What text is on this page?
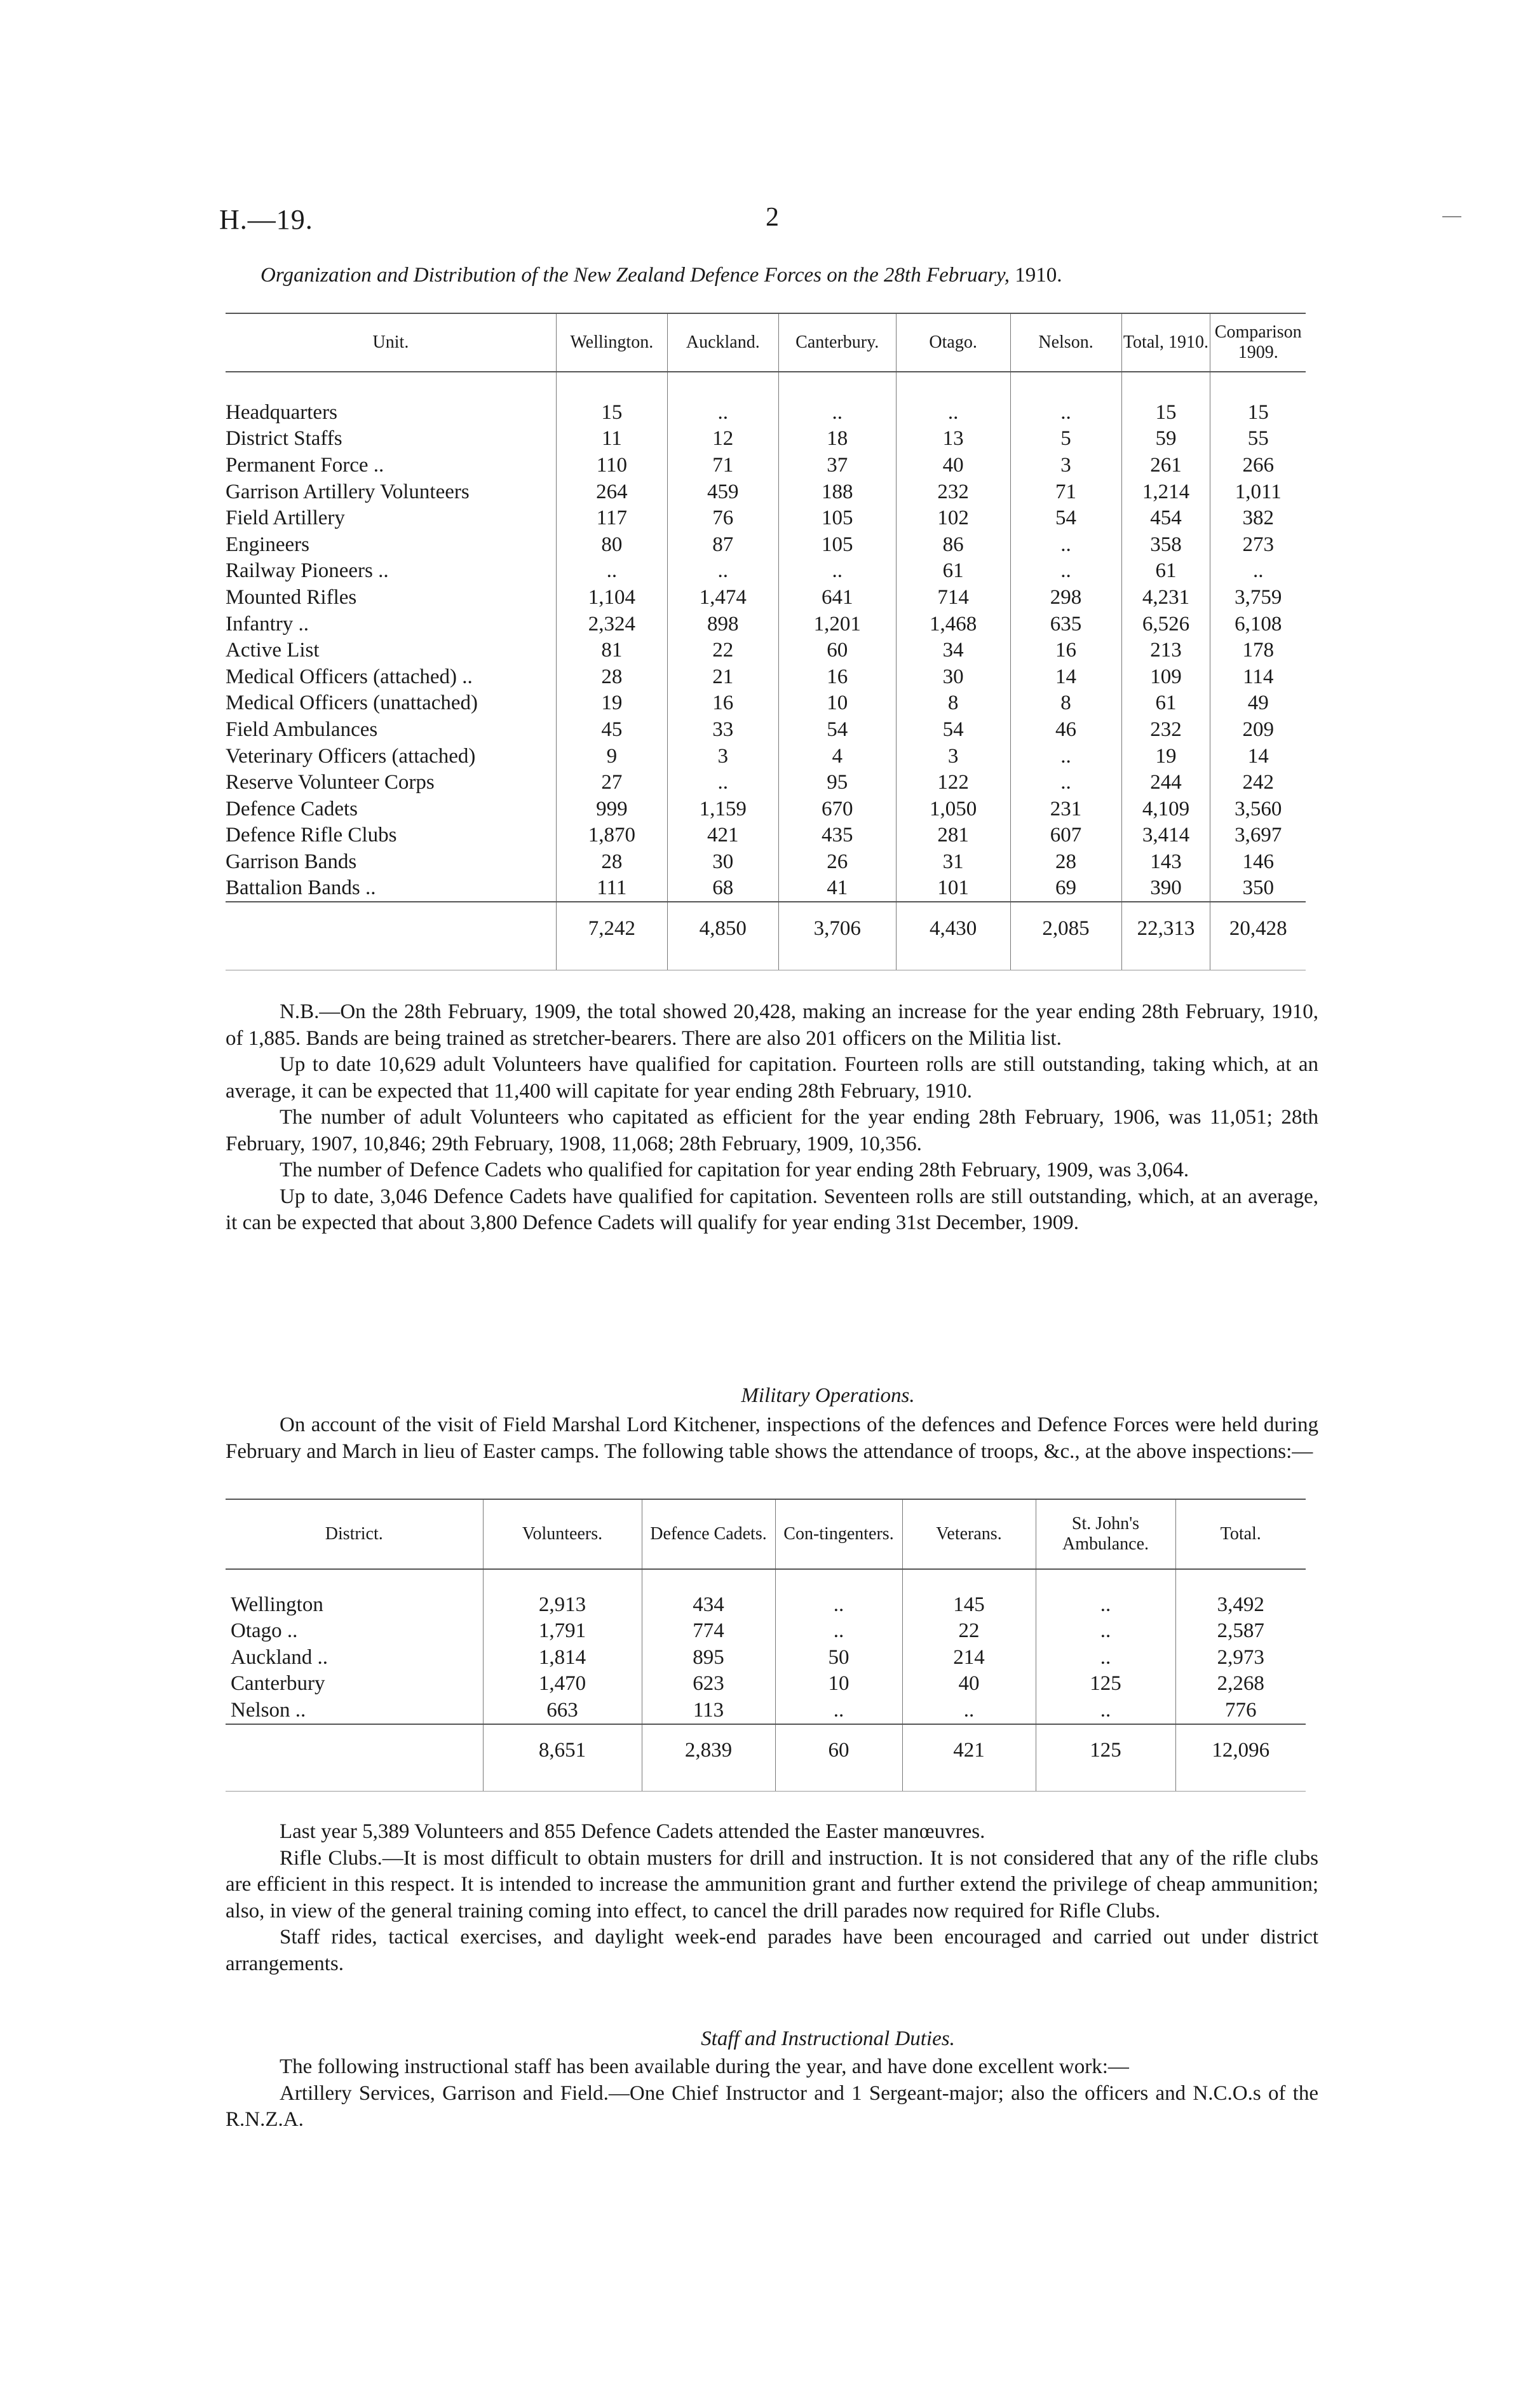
H.—19.	2
Organization and Distribution of the New Zealand Defence Forces on the 28th February, 1910.
Unit.	Wellington.	Auckland.	Canterbury.	Otago.	Nelson.	Total, 1910.	Comparison 1909.

Headquarters	15	..	..	..	..	15	15
District Staffs	11	12	18	13	5	59	55
Permanent Force ..	110	71	37	40	3	261	266
Garrison Artillery Volunteers	264	459	188	232	71	1,214	1,011
Field Artillery	117	76	105	102	54	454	382
Engineers	80	87	105	86	..	358	273
Railway Pioneers ..	..	..	..	61	..	61	..
Mounted Rifles	1,104	1,474	641	714	298	4,231	3,759
Infantry ..	2,324	898	1,201	1,468	635	6,526	6,108
Active List	81	22	60	34	16	213	178
Medical Officers (attached) ..	28	21	16	30	14	109	114
Medical Officers (unattached)	19	16	10	8	8	61	49
Field Ambulances	45	33	54	54	46	232	209
Veterinary Officers (attached)	9	3	4	3	..	19	14
Reserve Volunteer Corps	27	..	95	122	..	244	242
Defence Cadets	999	1,159	670	1,050	231	4,109	3,560
Defence Rifle Clubs	1,870	421	435	281	607	3,414	3,697
Garrison Bands	28	30	26	31	28	143	146
Battalion Bands ..	111	68	41	101	69	390	350
	7,242	4,850	3,706	4,430	2,085	22,313	20,428

N.B.—On the 28th February, 1909, the total showed 20,428, making an increase for the year ending 28th February, 1910, of 1,885. Bands are being trained as stretcher-bearers. There are also 201 officers on the Militia list.

Up to date 10,629 adult Volunteers have qualified for capitation. Fourteen rolls are still outstanding, taking which, at an average, it can be expected that 11,400 will capitate for year ending 28th February, 1910.

The number of adult Volunteers who capitated as efficient for the year ending 28th February, 1906, was 11,051; 28th February, 1907, 10,846; 29th February, 1908, 11,068; 28th February, 1909, 10,356.

The number of Defence Cadets who qualified for capitation for year ending 28th February, 1909, was 3,064.

Up to date, 3,046 Defence Cadets have qualified for capitation. Seventeen rolls are still outstanding, which, at an average, it can be expected that about 3,800 Defence Cadets will qualify for year ending 31st December, 1909.

Military Operations.

On account of the visit of Field Marshal Lord Kitchener, inspections of the defences and Defence Forces were held during February and March in lieu of Easter camps. The following table shows the attendance of troops, &c., at the above inspections:—

District.	Volunteers.	Defence Cadets.	Con-tingenters.	Veterans.	St. John's Ambulance.	Total.

Wellington	2,913	434	..	145	..	3,492
Otago ..	1,791	774	..	22	..	2,587
Auckland ..	1,814	895	50	214	..	2,973
Canterbury	1,470	623	10	40	125	2,268
Nelson ..	663	113	..	..	..	776
	8,651	2,839	60	421	125	12,096

Last year 5,389 Volunteers and 855 Defence Cadets attended the Easter manœuvres.

Rifle Clubs.—It is most difficult to obtain musters for drill and instruction. It is not considered that any of the rifle clubs are efficient in this respect. It is intended to increase the ammunition grant and further extend the privilege of cheap ammunition; also, in view of the general training coming into effect, to cancel the drill parades now required for Rifle Clubs.

Staff rides, tactical exercises, and daylight week-end parades have been encouraged and carried out under district arrangements.

Staff and Instructional Duties.

The following instructional staff has been available during the year, and have done excellent work:—

Artillery Services, Garrison and Field.—One Chief Instructor and 1 Sergeant-major; also the officers and N.C.O.s of the R.N.Z.A.
